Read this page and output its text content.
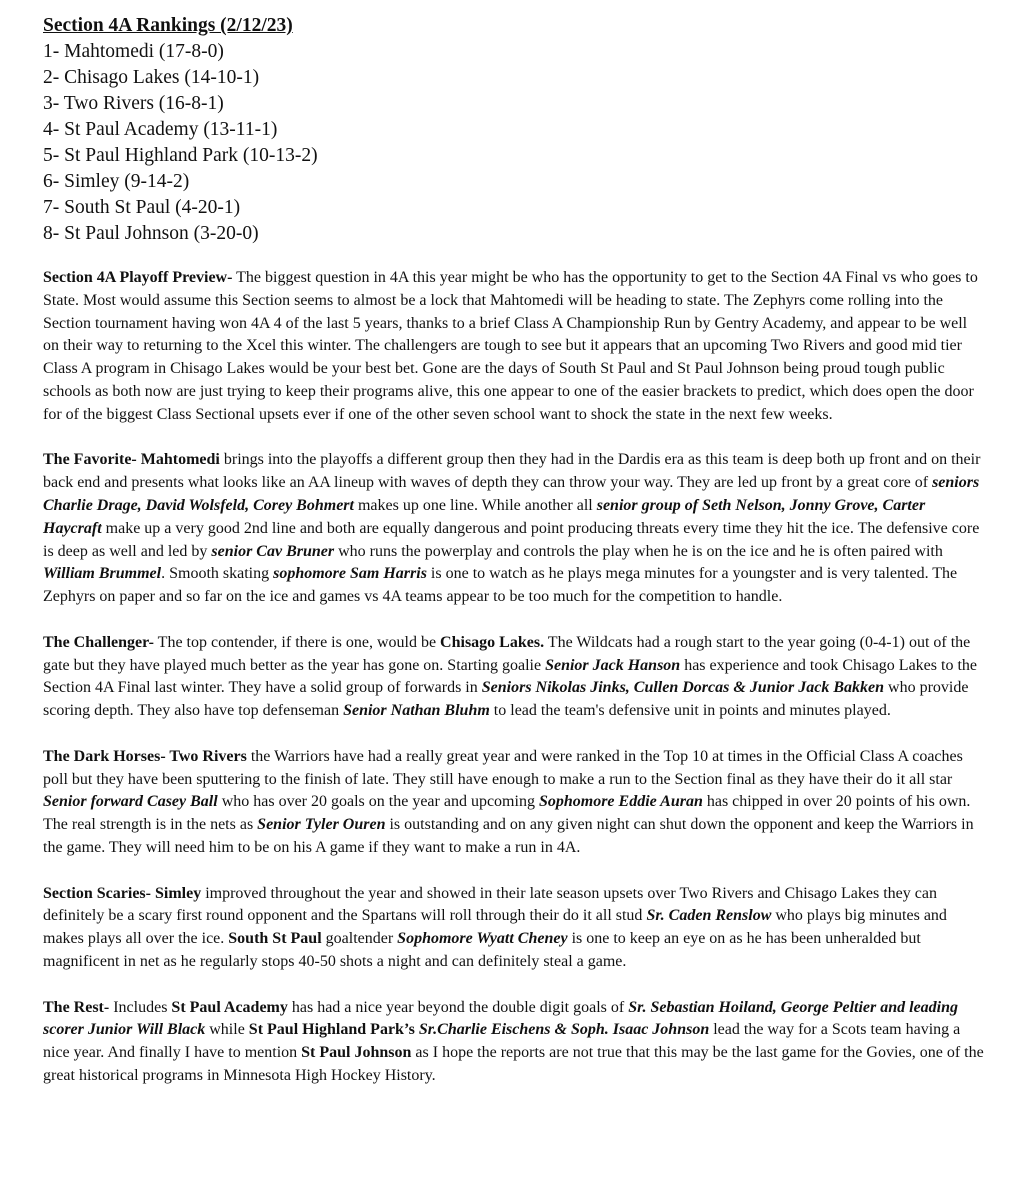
Section 4A Rankings (2/12/23)
1- Mahtomedi (17-8-0)
2- Chisago Lakes (14-10-1)
3- Two Rivers (16-8-1)
4- St Paul Academy (13-11-1)
5- St Paul Highland Park (10-13-2)
6- Simley (9-14-2)
7- South St Paul (4-20-1)
8- St Paul Johnson (3-20-0)

Section 4A Playoff Preview- The biggest question in 4A this year might be who has the opportunity to get to the Section 4A Final vs who goes to State. Most would assume this Section seems to almost be a lock that Mahtomedi will be heading to state. The Zephyrs come rolling into the Section tournament having won 4A 4 of the last 5 years, thanks to a brief Class A Championship Run by Gentry Academy, and appear to be well on their way to returning to the Xcel this winter. The challengers are tough to see but it appears that an upcoming Two Rivers and good mid tier Class A program in Chisago Lakes would be your best bet. Gone are the days of South St Paul and St Paul Johnson being proud tough public schools as both now are just trying to keep their programs alive, this one appear to one of the easier brackets to predict, which does open the door for of the biggest Class Sectional upsets ever if one of the other seven school want to shock the state in the next few weeks.

The Favorite- Mahtomedi brings into the playoffs a different group then they had in the Dardis era as this team is deep both up front and on their back end and presents what looks like an AA lineup with waves of depth they can throw your way. They are led up front by a great core of seniors Charlie Drage, David Wolsfeld, Corey Bohmert makes up one line. While another all senior group of Seth Nelson, Jonny Grove, Carter Haycraft make up a very good 2nd line and both are equally dangerous and point producing threats every time they hit the ice. The defensive core is deep as well and led by senior Cav Bruner who runs the powerplay and controls the play when he is on the ice and he is often paired with William Brummel. Smooth skating sophomore Sam Harris is one to watch as he plays mega minutes for a youngster and is very talented. The Zephyrs on paper and so far on the ice and games vs 4A teams appear to be too much for the competition to handle.

The Challenger- The top contender, if there is one, would be Chisago Lakes. The Wildcats had a rough start to the year going (0-4-1) out of the gate but they have played much better as the year has gone on. Starting goalie Senior Jack Hanson has experience and took Chisago Lakes to the Section 4A Final last winter. They have a solid group of forwards in Seniors Nikolas Jinks, Cullen Dorcas & Junior Jack Bakken who provide scoring depth. They also have top defenseman Senior Nathan Bluhm to lead the team's defensive unit in points and minutes played.

The Dark Horses- Two Rivers the Warriors have had a really great year and were ranked in the Top 10 at times in the Official Class A coaches poll but they have been sputtering to the finish of late. They still have enough to make a run to the Section final as they have their do it all star Senior forward Casey Ball who has over 20 goals on the year and upcoming Sophomore Eddie Auran has chipped in over 20 points of his own. The real strength is in the nets as Senior Tyler Ouren is outstanding and on any given night can shut down the opponent and keep the Warriors in the game. They will need him to be on his A game if they want to make a run in 4A.

Section Scaries- Simley improved throughout the year and showed in their late season upsets over Two Rivers and Chisago Lakes they can definitely be a scary first round opponent and the Spartans will roll through their do it all stud Sr. Caden Renslow who plays big minutes and makes plays all over the ice. South St Paul goaltender Sophomore Wyatt Cheney is one to keep an eye on as he has been unheralded but magnificent in net as he regularly stops 40-50 shots a night and can definitely steal a game.

The Rest- Includes St Paul Academy has had a nice year beyond the double digit goals of Sr. Sebastian Hoiland, George Peltier and leading scorer Junior Will Black while St Paul Highland Park’s Sr.Charlie Eischens & Soph. Isaac Johnson lead the way for a Scots team having a nice year. And finally I have to mention St Paul Johnson as I hope the reports are not true that this may be the last game for the Govies, one of the great historical programs in Minnesota High Hockey History.
